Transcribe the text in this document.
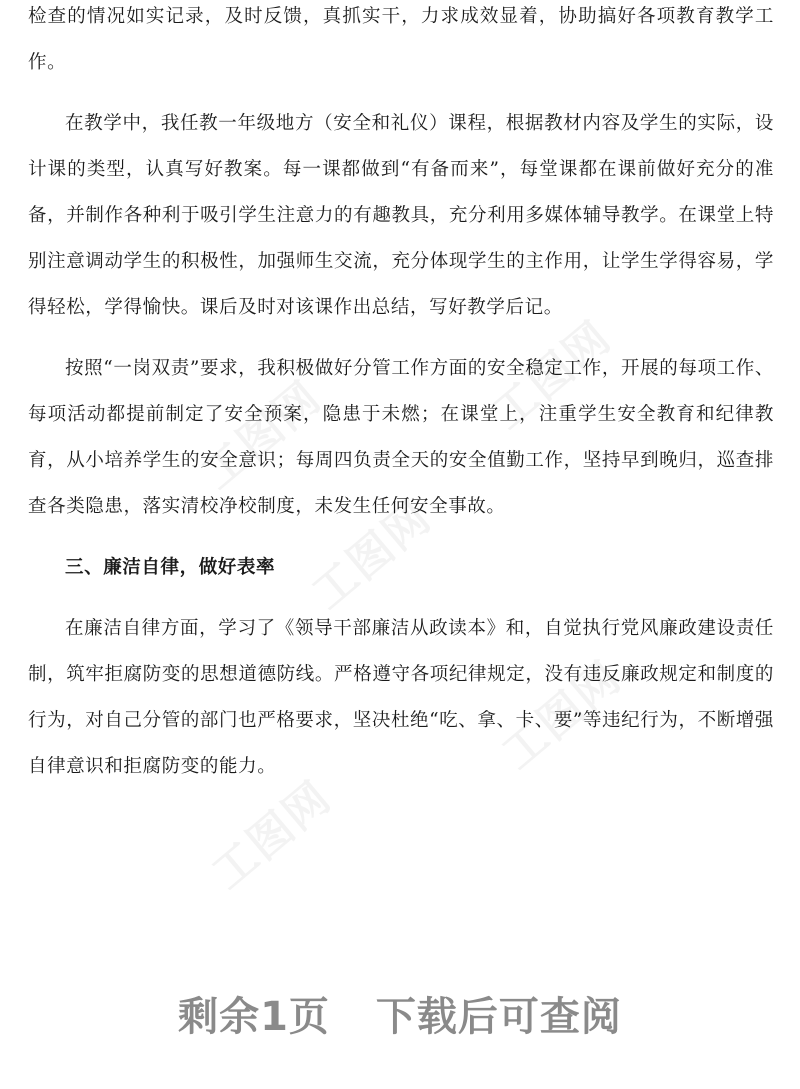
工图网	工图网
工图网
工图网
工图网

检查的情况如实记录，及时反馈，真抓实干，力求成效显着，协助搞好各项教育教学工作。

在教学中，我任教一年级地方（安全和礼仪）课程，根据教材内容及学生的实际，设计课的类型，认真写好教案。每一课都做到“有备而来”，每堂课都在课前做好充分的准备，并制作各种利于吸引学生注意力的有趣教具，充分利用多媒体辅导教学。在课堂上特别注意调动学生的积极性，加强师生交流，充分体现学生的主作用，让学生学得容易，学得轻松，学得愉快。课后及时对该课作出总结，写好教学后记。

按照“一岗双责”要求，我积极做好分管工作方面的安全稳定工作，开展的每项工作、每项活动都提前制定了安全预案，隐患于未燃；在课堂上，注重学生安全教育和纪律教育，从小培养学生的安全意识；每周四负责全天的安全值勤工作，坚持早到晚归，巡查排查各类隐患，落实清校净校制度，未发生任何安全事故。

三、廉洁自律，做好表率

在廉洁自律方面，学习了《领导干部廉洁从政读本》和，自觉执行党风廉政建设责任制，筑牢拒腐防变的思想道德防线。严格遵守各项纪律规定，没有违反廉政规定和制度的行为，对自己分管的部门也严格要求，坚决杜绝“吃、拿、卡、要”等违纪行为，不断增强自律意识和拒腐防变的能力。

剩余1页 下载后可查阅
